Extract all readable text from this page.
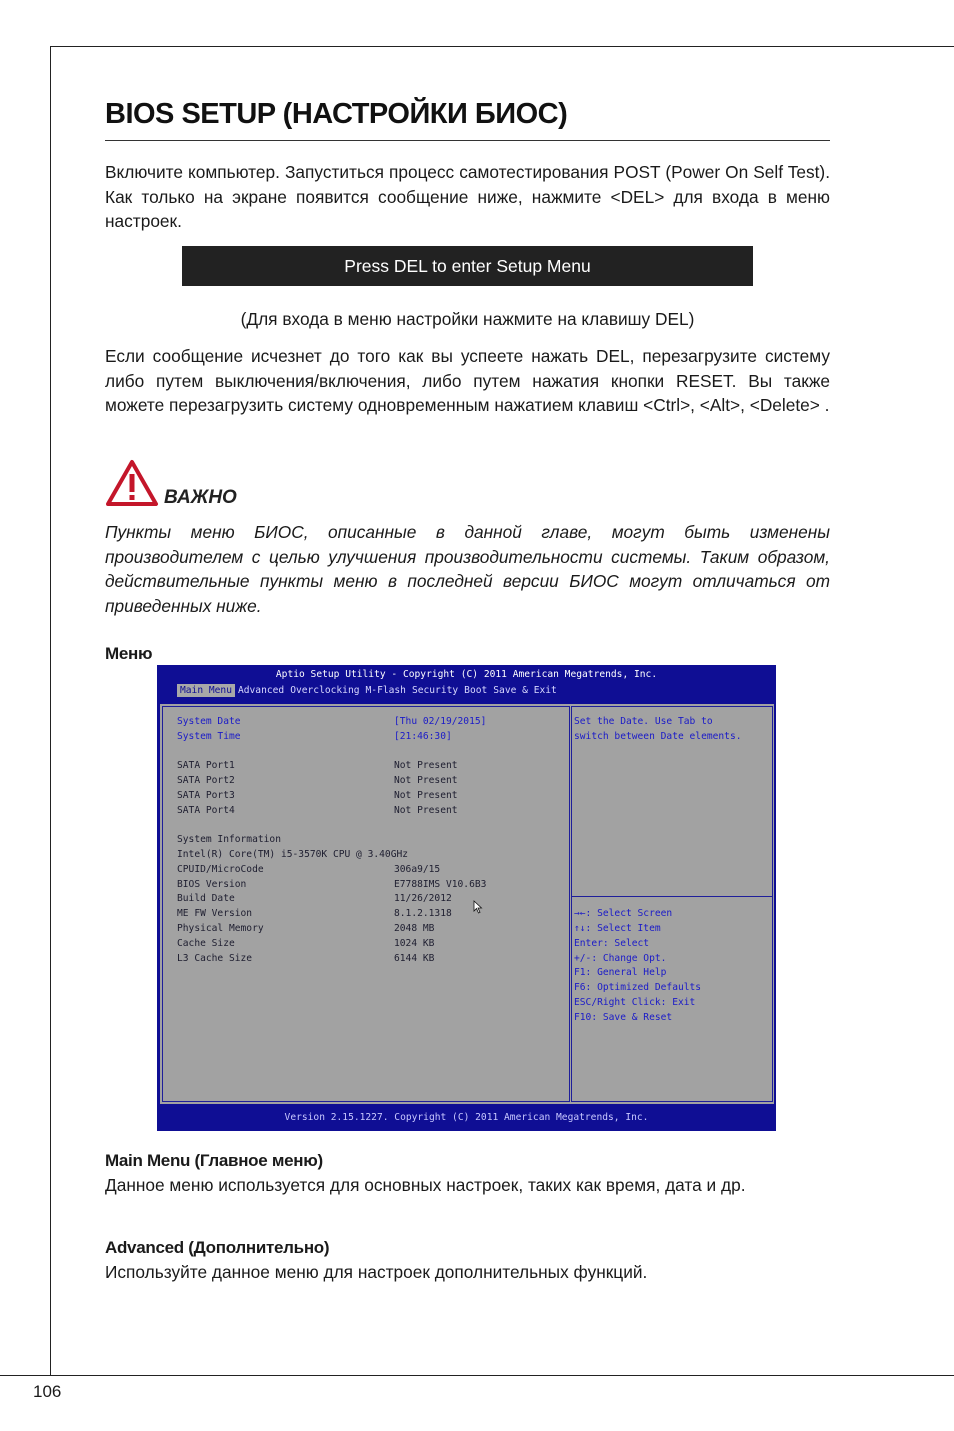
BIOS SETUP (НАСТРОЙКИ БИОС)

Включите компьютер. Запуститься процесс самотестирования POST (Power On Self Test). Как только на экране появится сообщение ниже, нажмите <DEL> для входа в меню настроек.

Press DEL to enter Setup Menu
(Для входа в меню настройки нажмите на клавишу DEL)

Если сообщение исчезнет до того как вы успеете нажать DEL, перезагрузите систему либо путем выключения/включения, либо путем нажатия кнопки RESET. Вы также можете перезагрузить систему одновременным нажатием клавиш <Ctrl>, <Alt>, <Delete> .

ВАЖНО

Пункты меню БИОС, описанные в данной главе, могут быть изменены производителем с целью улучшения производительности системы. Таким образом, действительные пункты меню в последней версии БИОС могут отличаться от приведенных ниже.

Меню
Aptio Setup Utility - Copyright (C) 2011 American Megatrends, Inc.
Main Menu Advanced Overclocking M-Flash Security Boot Save & Exit

System Date

	[Thu 02/19/2015]

System Time

	[21:46:30]

SATA Port1

	Not Present

SATA Port2

	Not Present

SATA Port3

	Not Present

SATA Port4

	Not Present

System Information

Intel(R) Core(TM) i5-3570K CPU @ 3.40GHz

CPUID/MicroCode

	306a9/15

BIOS Version

	E7788IMS V10.6B3

Build Date

	11/26/2012

ME FW Version

	8.1.2.1318

Physical Memory

	2048 MB

Cache Size

	1024 KB

L3 Cache Size

	6144 KB

Set the Date. Use Tab to
switch between Date elements.
→←: Select Screen
↑↓: Select Item
Enter: Select
+/-: Change Opt.
F1: General Help
F6: Optimized Defaults
ESC/Right Click: Exit
F10: Save & Reset
Version 2.15.1227. Copyright (C) 2011 American Megatrends, Inc.
Main Menu (Главное меню)

Данное меню используется для основных настроек, таких как время, дата и др.

Advanced (Дополнительно)

Используйте данное меню для настроек дополнительных функций.

106
